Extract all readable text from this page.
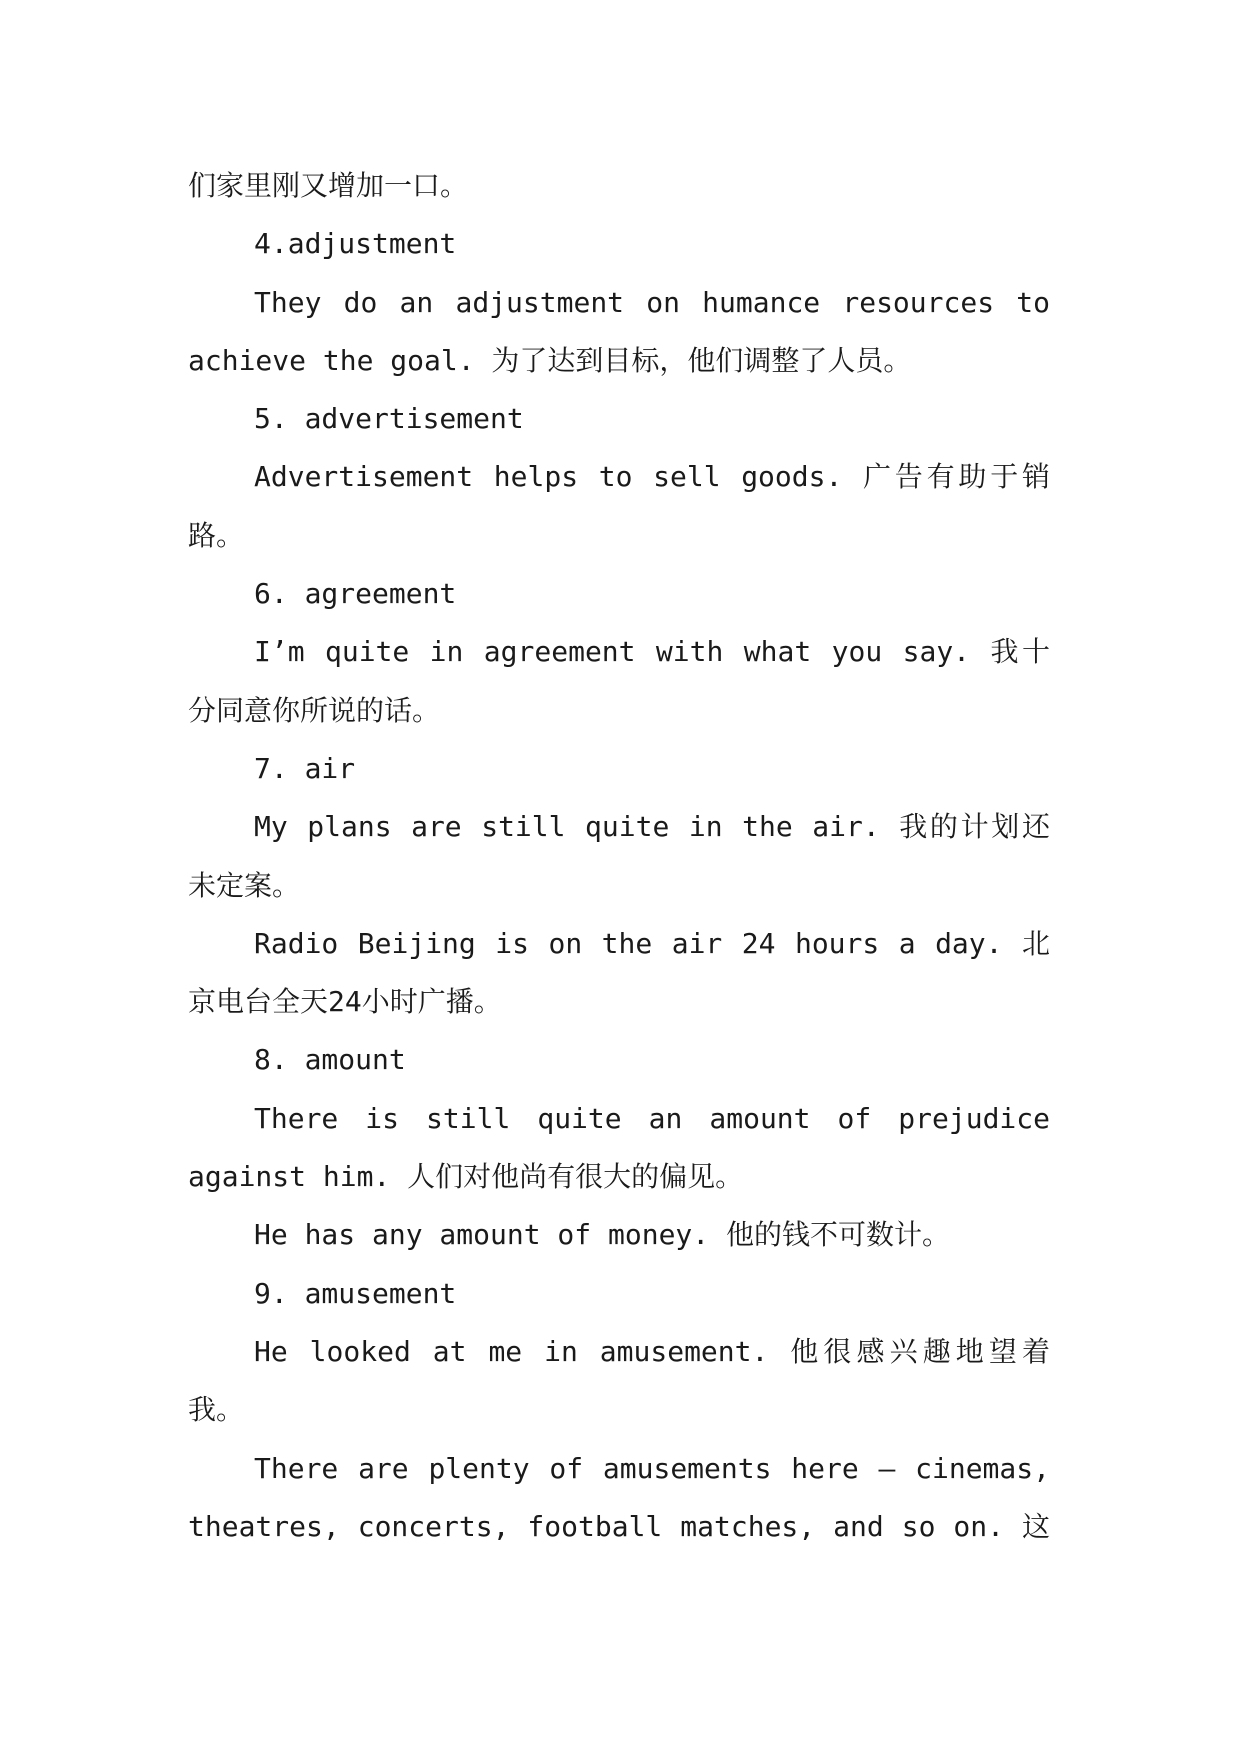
们家里刚又增加一口。
4.adjustment
They do an adjustment on humance resources to
achieve the goal. 为了达到目标，他们调整了人员。
5. advertisement
Advertisement helps to sell goods. 广告有助于销
路。
6. agreement
I’m quite in agreement with what you say. 我十
分同意你所说的话。
7. air
My plans are still quite in the air. 我的计划还
未定案。
Radio Beijing is on the air 24 hours a day. 北
京电台全天24小时广播。
8. amount
There is still quite an amount of prejudice
against him. 人们对他尚有很大的偏见。
He has any amount of money. 他的钱不可数计。
9. amusement
He looked at me in amusement. 他很感兴趣地望着
我。
There are plenty of amusements here – cinemas,
theatres, concerts, football matches, and so on. 这
